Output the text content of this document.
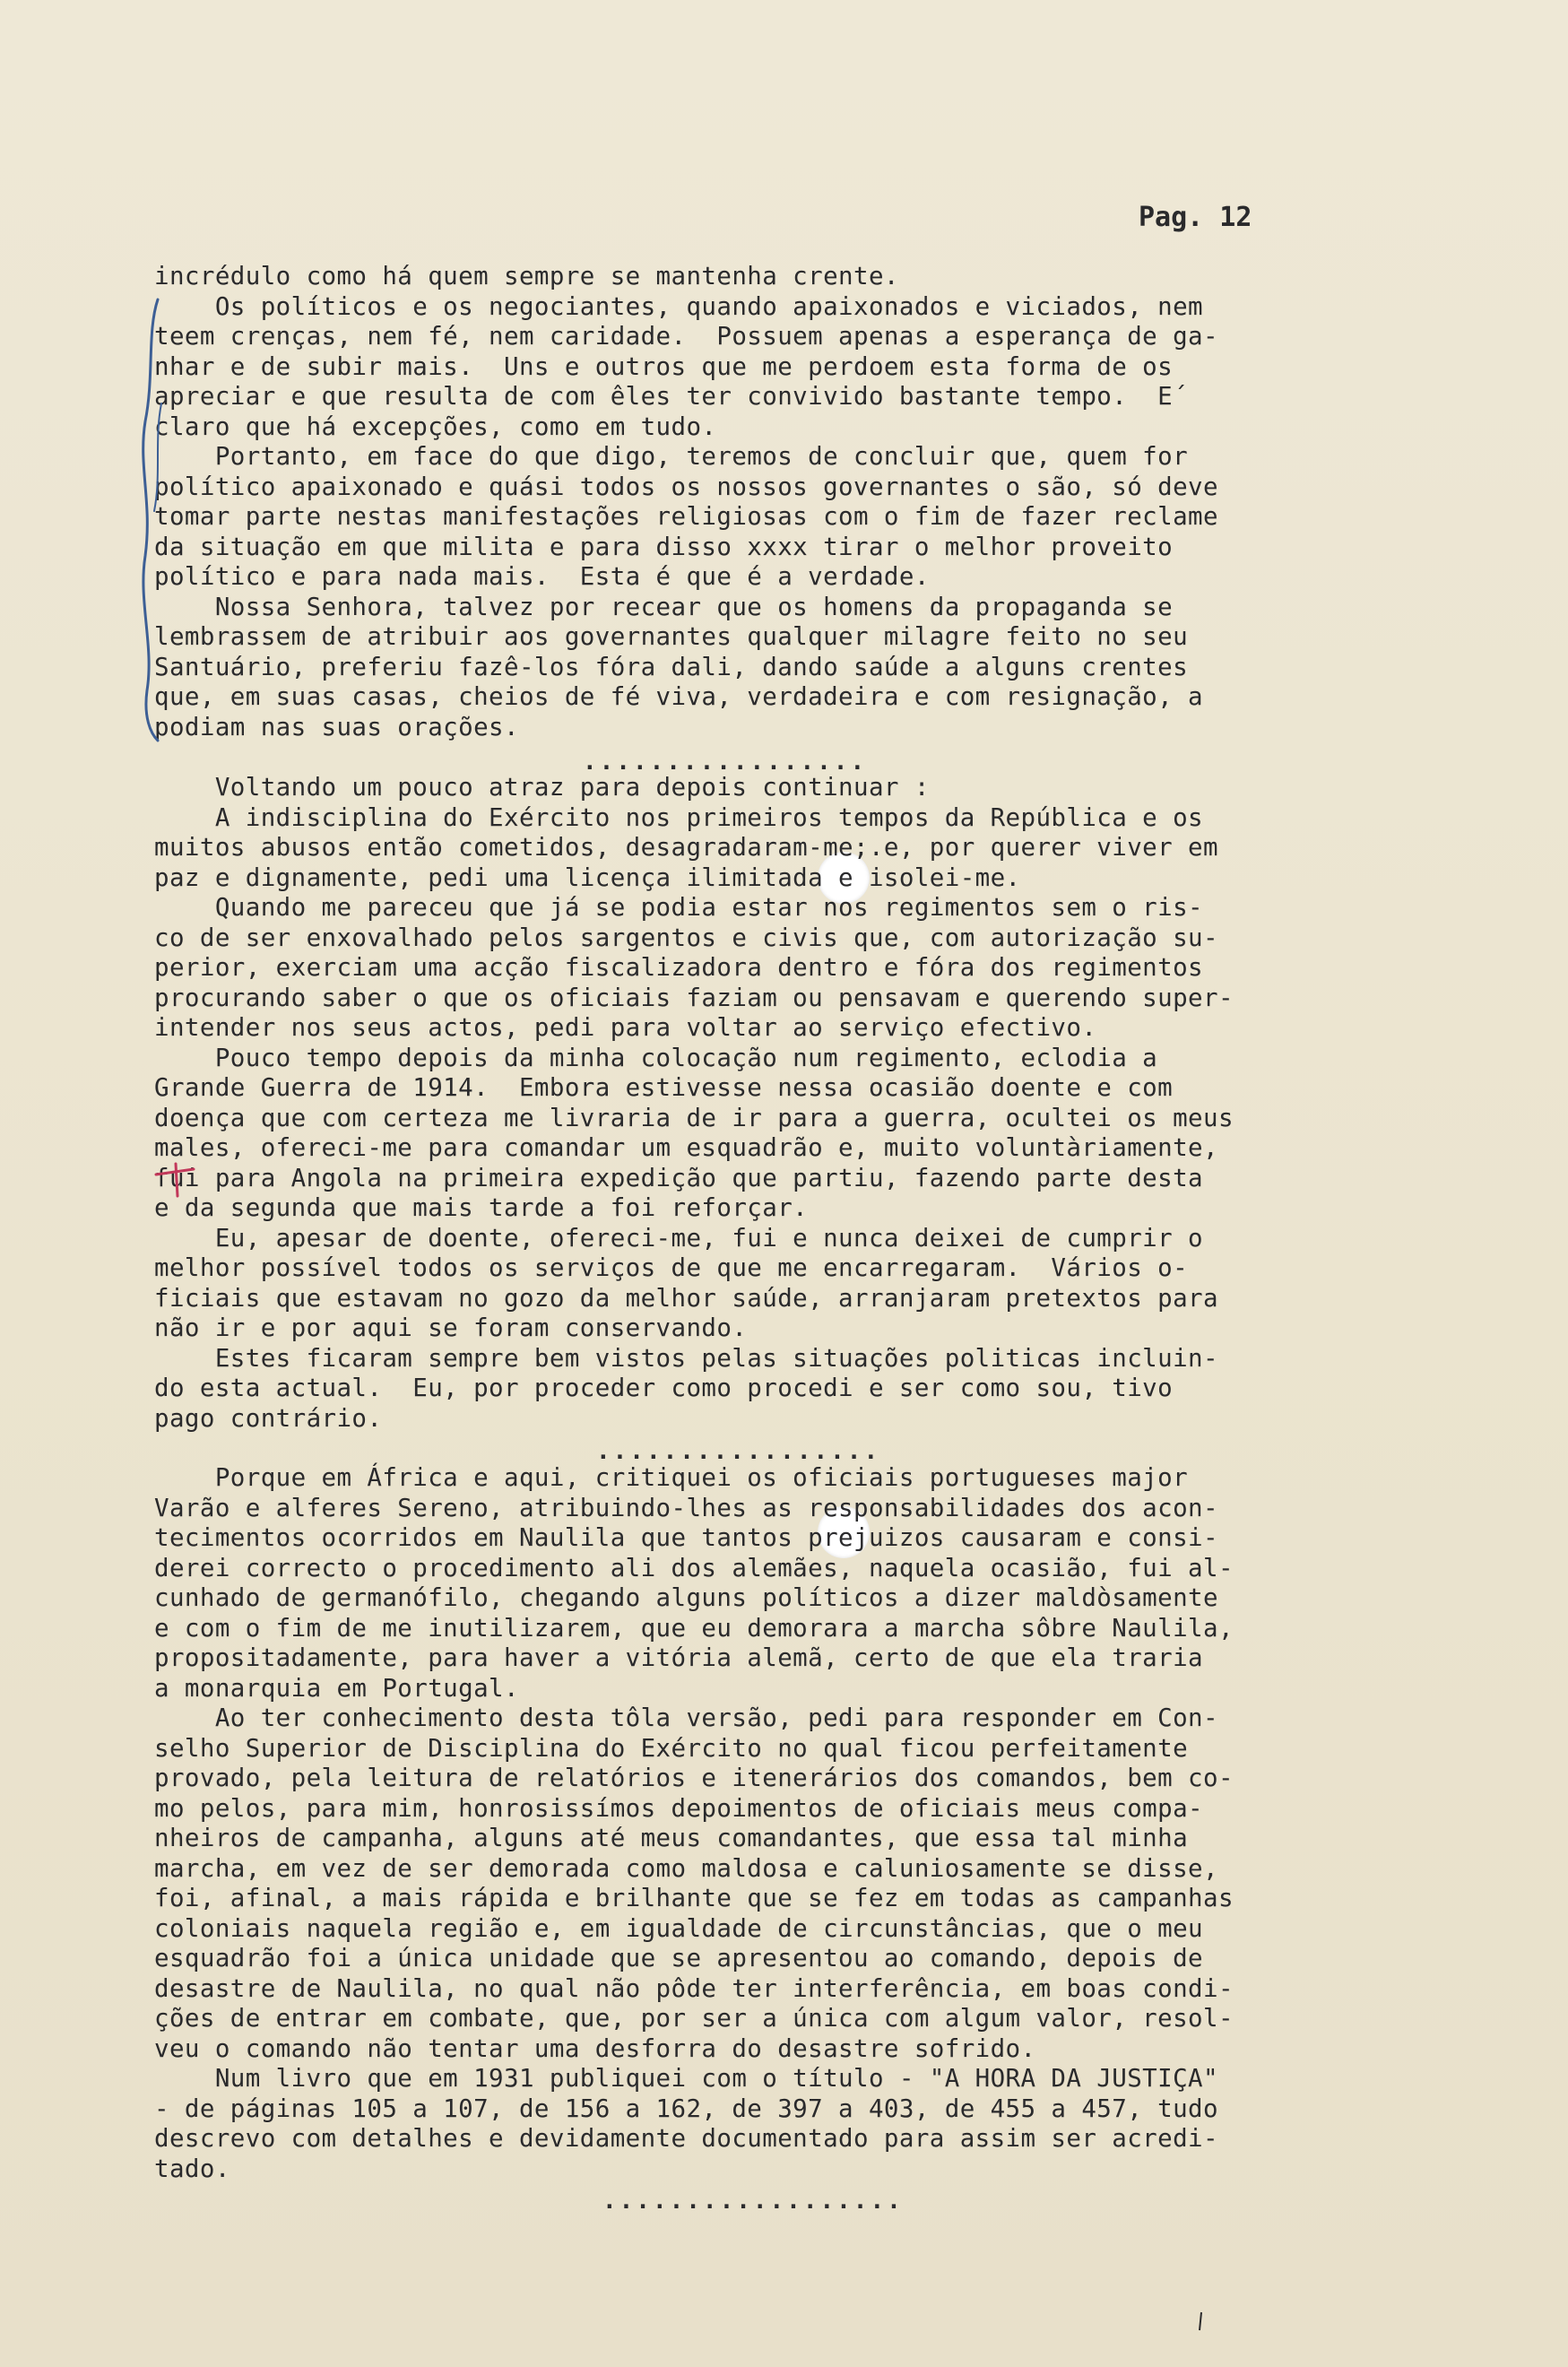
Pag. 12
incrédulo como há quem sempre se mantenha crente.
Os políticos e os negociantes, quando apaixonados e viciados, nem
teem crenças, nem fé, nem caridade.  Possuem apenas a esperança de ga-
nhar e de subir mais.  Uns e outros que me perdoem esta forma de os
apreciar e que resulta de com êles ter convivido bastante tempo.  E´
claro que há excepções, como em tudo.
Portanto, em face do que digo, teremos de concluir que, quem for
político apaixonado e quási todos os nossos governantes o são, só deve
tomar parte nestas manifestações religiosas com o fim de fazer reclame
da situação em que milita e para disso xxxx tirar o melhor proveito
político e para nada mais.  Esta é que é a verdade.
Nossa Senhora, talvez por recear que os homens da propaganda se
lembrassem de atribuir aos governantes qualquer milagre feito no seu
Santuário, preferiu fazê-los fóra dali, dando saúde a alguns crentes
que, em suas casas, cheios de fé viva, verdadeira e com resignação, a
podiam nas suas orações.
.................
Voltando um pouco atraz para depois continuar :
A indisciplina do Exército nos primeiros tempos da República e os
muitos abusos então cometidos, desagradaram-me;.e, por querer viver em
paz e dignamente, pedi uma licença ilimitada e isolei-me.
Quando me pareceu que já se podia estar nos regimentos sem o ris-
co de ser enxovalhado pelos sargentos e civis que, com autorização su-
perior, exerciam uma acção fiscalizadora dentro e fóra dos regimentos
procurando saber o que os oficiais faziam ou pensavam e querendo super-
intender nos seus actos, pedi para voltar ao serviço efectivo.
Pouco tempo depois da minha colocação num regimento, eclodia a
Grande Guerra de 1914.  Embora estivesse nessa ocasião doente e com
doença que com certeza me livraria de ir para a guerra, ocultei os meus
males, ofereci-me para comandar um esquadrão e, muito voluntàriamente,
fui para Angola na primeira expedição que partiu, fazendo parte desta
e da segunda que mais tarde a foi reforçar.
Eu, apesar de doente, ofereci-me, fui e nunca deixei de cumprir o
melhor possível todos os serviços de que me encarregaram.  Vários o-
ficiais que estavam no gozo da melhor saúde, arranjaram pretextos para
não ir e por aqui se foram conservando.
Estes ficaram sempre bem vistos pelas situações politicas incluin-
do esta actual.  Eu, por proceder como procedi e ser como sou, tivo
pago contrário.
.................
Porque em África e aqui, critiquei os oficiais portugueses major
Varão e alferes Sereno, atribuindo-lhes as responsabilidades dos acon-
tecimentos ocorridos em Naulila que tantos prejuizos causaram e consi-
derei correcto o procedimento ali dos alemães, naquela ocasião, fui al-
cunhado de germanófilo, chegando alguns políticos a dizer maldòsamente
e com o fim de me inutilizarem, que eu demorara a marcha sôbre Naulila,
propositadamente, para haver a vitória alemã, certo de que ela traria
a monarquia em Portugal.
Ao ter conhecimento desta tôla versão, pedi para responder em Con-
selho Superior de Disciplina do Exército no qual ficou perfeitamente
provado, pela leitura de relatórios e itenerários dos comandos, bem co-
mo pelos, para mim, honrosissímos depoimentos de oficiais meus compa-
nheiros de campanha, alguns até meus comandantes, que essa tal minha
marcha, em vez de ser demorada como maldosa e caluniosamente se disse,
foi, afinal, a mais rápida e brilhante que se fez em todas as campanhas
coloniais naquela região e, em igualdade de circunstâncias, que o meu
esquadrão foi a única unidade que se apresentou ao comando, depois de
desastre de Naulila, no qual não pôde ter interferência, em boas condi-
ções de entrar em combate, que, por ser a única com algum valor, resol-
veu o comando não tentar uma desforra do desastre sofrido.
Num livro que em 1931 publiquei com o título - "A HORA DA JUSTIÇA"
- de páginas 105 a 107, de 156 a 162, de 397 a 403, de 455 a 457, tudo
descrevo com detalhes e devidamente documentado para assim ser acredi-
tado.
..................
